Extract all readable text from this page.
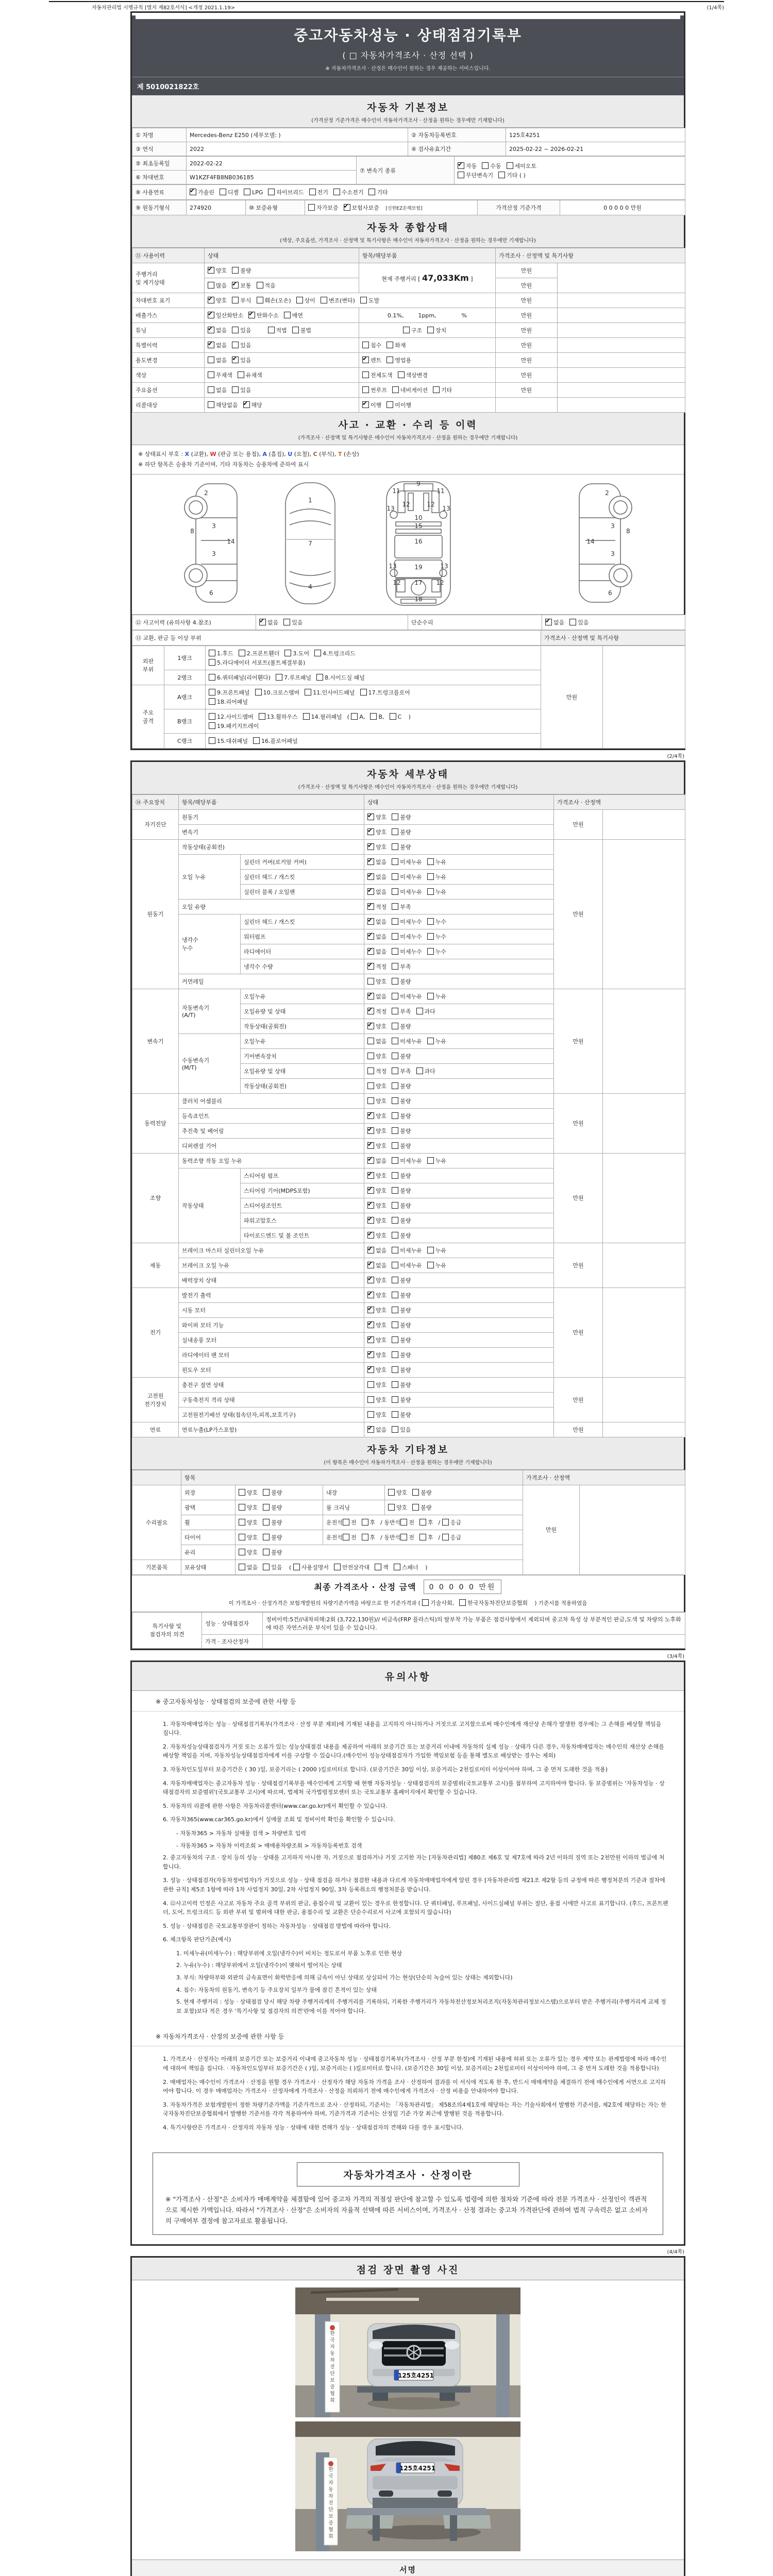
자동차관리법 시행규칙 [별지 제82호서식] <개정 2021.1.19>	(1/4쪽)
중고자동차성능 · 상태점검기록부
( □ 자동차가격조사 · 산정 선택 )
※ 자동차가격조사 · 산정은 매수인이 원하는 경우 제공하는 서비스입니다.
제 5010021822호
자동차 기본정보
(가격산정 기준가격은 매수인이 자동차가격조사 · 산정을 원하는 경우에만 기재합니다)
① 차명	Mercedes-Benz E250 (세부모델: )	② 자동차등록번호	125호4251
③ 연식	2022	④ 검사유효기간	2025-02-22 ~ 2026-02-21
⑤ 최초등록일	2022-02-22	⑦ 변속기 종류	✔자동 수동 세미오토
무단변속기 기타 ( )
⑥ 차대번호	W1KZF4FB8NB036185		
⑧ 사용연료	✔가솔린 디젤 LPG 하이브리드 전기 수소전기 기타
⑨ 원동기형식	274920	⑩ 보증유형	자가보증 ✔ 보험사보증 [신한EZ손해보험]	가격산정 기준가격	0 0 0 0 0 만원
자동차 종합상태
(색상, 주요옵션, 가격조사 · 산정액 및 특기사항은 매수인이 자동차가격조사 · 산정을 원하는 경우에만 기재합니다)
⑪ 사용이력	상태	항목/해당부품	가격조사 · 산정액 및 특기사항	
주행거리
및 계기상태	✔양호 불량	현재 주행거리 [ 47,033Km ]	만원	
	많음 ✔ 보통 적음		만원	
차대번호 표기	✔양호 부식 훼손(오손) 상이 변조(변타) 도말		만원	
배출가스	✔일산화탄소 ✔ 탄화수소 매연	0.1%,        1ppm,              %	만원	
튜닝	✔없음 있음 적법 불법	구조 장치	만원	
특별이력	✔없음 있음	침수 화재	만원	
용도변경	없음 ✔ 있음	✔렌트 영업용	만원	
색상	무채색 유채색	전체도색 색상변경	만원	
주요옵션	없음 있음	썬루프 네비게이션 기타	만원	
리콜대상	해당없음 ✔ 해당	✔이행 미이행		
사고 · 교환 · 수리 등 이력
(가격조사 · 산정액 및 특기사항은 매수인이 자동차가격조사 · 산정을 원하는 경우에만 기재합니다)
※ 상태표시 부호 : X (교환), W (판금 또는 용접), A (흠집), U (요철), C (부식), T (손상)
※ 하단 항목은 승용차 기준이며, 기타 자동차는 승용차에 준하여 표시
2
8
3
14
3
6
1
7
4
9
11	11
12	12
13	13
10
15
16
19
13	13
12	12
17
18
2
8
3
14
3
6
⑫ 사고이력 (유의사항 4.참조)	✔없음 있음	단순수리	✔없음 있음
⑬ 교환, 판금 등 이상 부위	가격조사 · 산정액 및 특기사항
외판
부위	1랭크	1.후드 2.프론트휀더 3.도어 4.트렁크리드
5.라디에이터 서포트(볼트체결부품)	만원	
	2랭크	6.쿼터패널(리어휀다) 7.루프패널 8.사이드실 패널		
주요
골격	A랭크	9.프론트패널 10.크로스멤버 11.인사이드패널 17.트렁크플로어
18.리어패널		
	B랭크	12.사이드멤버 13.휠하우스 14.필러패널 ( A, B, C )
19.패키지트레이		
	C랭크	15.대쉬패널 16.플로어패널		
(2/4쪽)
자동차 세부상태
(가격조사 · 산정액 및 특기사항은 매수인이 자동차가격조사 · 산정을 원하는 경우에만 기재합니다)
⑭ 주요장치	항목/해당부품		상태	가격조사 · 산정액	
자기진단	원동기	✔양호 불량	만원	
	변속기	✔양호 불량
원동기	작동상태(공회전)	✔양호 불량	만원	
	오일 누유	실린더 커버(로커암 커버)	✔없음 미세누유 누유
		실린더 헤드 / 개스킷	✔없음 미세누유 누유
		실린더 블록 / 오일팬	✔없음 미세누유 누유
	오일 유량	✔적정 부족
	냉각수
누수	실린더 헤드 / 개스킷	✔없음 미세누수 누수
		워터펌프	✔없음 미세누수 누수
		라디에이터	✔없음 미세누수 누수
		냉각수 수량	✔적정 부족
	커먼레일		양호 불량		
변속기	자동변속기
(A/T)	오일누유	✔없음 미세누유 누유	만원	
		오일유량 및 상태	✔적정 부족 과다
		작동상태(공회전)	✔양호 불량
	수동변속기
(M/T)	오일누유	없음 미세누유 누유		
		기어변속장치	양호 불량		
		오일유량 및 상태	적정 부족 과다		
		작동상태(공회전)	양호 불량		
동력전달	클러치 어셈블리		양호 불량	만원	
	등속죠인트	✔양호 불량
	추진축 및 베어링	✔양호 불량
	디퍼렌셜 기어	✔양호 불량
조향	동력조향 작동 오일 누유	✔없음 미세누유 누유	만원	
	작동상태	스티어링 펌프	✔양호 불량
		스티어링 기어(MDPS포함)	✔양호 불량
		스티어링조인트	✔양호 불량
		파워고압호스	✔양호 불량
		타이로드엔드 및 볼 조인트	✔양호 불량
제동	브레이크 마스터 실린더오일 누유	✔없음 미세누유 누유	만원	
	브레이크 오일 누유	✔없음 미세누유 누유
	배력장치 상태	✔양호 불량
전기	발전기 출력	✔양호 불량	만원	
	시동 모터	✔양호 불량
	와이퍼 모터 기능	✔양호 불량
	실내송풍 모터	✔양호 불량
	라디에이터 팬 모터	✔양호 불량
	윈도우 모터	✔양호 불량
고전원
전기장치	충전구 절연 상태		양호 불량	만원	
	구동축전지 격리 상태		양호 불량		
	고전원전기배선 상태(접속단자,피복,보호기구)		양호 불량		
연료	연료누출(LP가스포함)	✔없음 있음	만원	
자동차 기타정보
(이 항목은 매수인이 자동차가격조사 · 산정을 원하는 경우에만 기재합니다)
	항목				가격조사 · 산정액	
수리필요	외장	양호 불량	내장	양호 불량	만원	
	광택	양호 불량	룸 크리닝	양호 불량		
	휠	양호 불량	운전석 전 후 / 동반석 전 후 / 응급			
	타이어	양호 불량	운전석 전 후 / 동반석 전 후 / 응급			
	유리	양호 불량				
기본품목	보유상태	없음 있음 ( 사용설명서 안전삼각대 잭 스패너 )				
최종 가격조사 · 산정 금액	0 0 0 0 0 만원
이 가격조사 · 산정가격은 보험개발원의 차량기준가액을 바탕으로 한 기준가격과 ( 기술사회, 한국자동차진단보증협회 ) 기준서를 적용하였음
특기사항 및
점검자의 의견	성능 · 상태점검자	정비이력:5건//내차피해:2회 (3,722,130원)// 비금속(FRP 플라스틱)의 탈부착 가능 부품은 점검사항에서 제외되며 중고차 특성 상 부분적인 판금,도색 및 차량의 노후화에 따른 자연스러운 부식이 있을 수 있습니다.
	가격 · 조사산정자	
(3/4쪽)
유의사항
※ 중고자동차성능 · 상태점검의 보증에 관한 사항 등
1. 자동차매매업자는 성능 · 상태점검기록부(가격조사 · 산정 부분 제외)에 기재된 내용을 고지하지 아니하거나 거짓으로 고지함으로써 매수인에게 재산상 손해가 발생한 경우에는 그 손해를 배상할 책임을 집니다.
2. 자동차성능상태점검자가 거짓 또는 오류가 있는 성능상태점검 내용을 제공하여 아래의 보증기간 또는 보증거리 이내에 자동차의 실제 성능 · 상태가 다른 경우, 자동차매매업자는 매수인의 재산상 손해를 배상할 책임을 지며, 자동차성능상태점검자에게 이를 구상할 수 있습니다.(매수인이 성능상태점검자가 가입한 책임보험 등을 통해 별도로 배상받는 경우는 제외)
3. 자동차인도일부터 보증기간은 ( 30 )일, 보증거리는 ( 2000 )킬로미터로 합니다. (보증기간은 30일 이상, 보증거리는 2천킬로미터 이상이어야 하며, 그 중 먼저 도래한 것을 적용)
4. 자동차매매업자는 중고자동차 성능 · 상태점검기록부를 매수인에게 고지할 때 현행 자동차성능 · 상태점검자의 보증범위(국토교통부 고시)를 첨부하여 고지하여야 합니다. 동 보증범위는 '자동차성능 · 상태점검자의 보증범위'(국토교통부 고시)에 따르며, 법제처 국가법령정보센터 또는 국토교통부 홈페이지에서 확인할 수 있습니다.
5. 자동차의 리콜에 관한 사항은 자동차리콜센터(www.car.go.kr)에서 확인할 수 있습니다.
6. 자동차365(www.car365.go.kr)에서 실매물 조회 및 정비이력 확인을 확인할 수 있습니다.
- 자동차365 > 자동차 실매물 검색 > 차량번호 입력
- 자동차365 > 자동차 이력조회 > 매매용차량조회 > 자동차등록번호 검색
2. 중고자동차의 구조 · 장치 등의 성능 · 상태를 고지하지 아니한 자, 거짓으로 점검하거나 거짓 고지한 자는 [자동차관리법] 제80조 제6호 및 제7호에 따라 2년 이하의 징역 또는 2천만원 이하의 벌금에 처합니다.
3. 성능 · 상태점검자(자동차정비업자)가 거짓으로 성능 · 상태 점검을 하거나 점검한 내용과 다르게 자동차매매업자에게 알린 경우 [자동차관리법 제21조 제2항 등의 규정에 따른 행정처분의 기준과 절차에 관한 규칙] 제5조 1항에 따라 1차 사업정지 30일, 2차 사업정지 90일, 3차 등록취소의 행정처분을 받습니다.
4. ⑫사고이력 인정은 사고로 자동차 주요 골격 부위의 판금, 용접수리 및 교환이 있는 경우로 한정합니다. 단 쿼터패널, 루프패널, 사이드실패널 부위는 절단, 용접 시에만 사고로 표기합니다. (후드, 프론트펜더, 도어, 트렁크리드 등 외판 부위 및 범퍼에 대한 판금, 용접수리 및 교환은 단순수리로서 사고에 포함되지 않습니다)
5. 성능 · 상태점검은 국토교통부장관이 정하는 자동차성능 · 상태점검 방법에 따라야 합니다.
6. 체크항목 판단기준(예시)
1. 미세누유(미세누수) : 해당부위에 오일(냉각수)이 비치는 정도로서 부품 노후로 인한 현상
2. 누유(누수) : 해당부위에서 오일(냉각수)이 맺혀서 떨어지는 상태
3. 부식: 차량하부와 외판의 금속표면이 화학반응에 의해 금속이 아닌 상태로 상실되어 가는 현상(단순히 녹슬어 있는 상태는 제외합니다)
4. 침수: 자동차의 원동기, 변속기 등 주요장치 일부가 물에 잠긴 흔적이 있는 상태
5. 현재 주행거리 : 성능 · 상태점검 당시 해당 차량 주행거리계의 주행거리를 기록하되, 기록한 주행거리가 자동차전산정보처리조직(자동차관리정보시스템)으로부터 받은 주행거리(주행거리계 교체 정보 포함)보다 적은 경우 '특기사항 및 점검자의 의견'란에 이를 적어야 합니다.
※ 자동차가격조사 · 산정의 보증에 관한 사항 등
1. 가격조사 · 산정자는 아래의 보증기간 또는 보증거리 이내에 중고자동차 성능 · 상태점검기록부(가격조사 · 산정 부분 한정)에 기재된 내용에 허위 또는 오류가 있는 경우 계약 또는 관계법령에 따라 매수인에 대하여 책임을 집니다. · 자동차인도일부터 보증기간은 ( )일, 보증거리는 ( )킬로미터로 합니다. (보증기간은 30일 이상, 보증거리는 2천킬로미터 이상이어야 하며, 그 중 먼저 도래한 것을 적용합니다)
2. 매매업자는 매수인이 가격조사 · 산정을 원할 경우 가격조사 · 산정자가 해당 자동차 가격을 조사 · 산정하여 결과를 이 서식에 적도록 한 후, 반드시 매매계약을 체결하기 전에 매수인에게 서면으로 고지하여야 합니다. 이 경우 매매업자는 가격조사 · 산정자에게 가격조사 · 산정을 의뢰하기 전에 매수인에게 가격조사 · 산정 비용을 안내하여야 합니다.
3. 자동차가격은 보험개발원이 정한 차량기준가액을 기준가격으로 조사 · 산정하되, 기준서는 「자동차관리법」 제58조의4제1호에 해당하는 자는 기술사회에서 발행한 기준서를, 제2호에 해당하는 자는 한국자동차진단보증협회에서 발행한 기준서를 각각 적용하여야 하며, 기준가격과 기준서는 산정일 기준 가장 최근에 발행된 것을 적용합니다.
4. 특기사항란은 가격조사 · 산정자의 자동차 성능 · 상태에 대한 견해가 성능 · 상태점검자의 견해와 다를 경우 표시합니다.
자동차가격조사 · 산정이란
※ "가격조사 · 산정"은 소비자가 매매계약을 체결함에 있어 중고차 가격의 적절성 판단에 참고할 수 있도록 법령에 의한 절차와 기준에 따라 전문 가격조사 · 산정인이 객관적으로 제시한 가액입니다. 따라서 "가격조사 · 산정"은 소비자의 자율적 선택에 따른 서비스이며, 가격조사 · 산정 결과는 중고차 가격판단에 관하여 법적 구속력은 없고 소비자의 구매여부 결정에 참고자료로 활용됩니다.
(4/4쪽)
점검 장면 촬영 사진
한 국 자 동 차 진 단 보 증 협 회
125호4251
한 국 자 동 차 진 단 보 증 협 회
125호4251
서명
